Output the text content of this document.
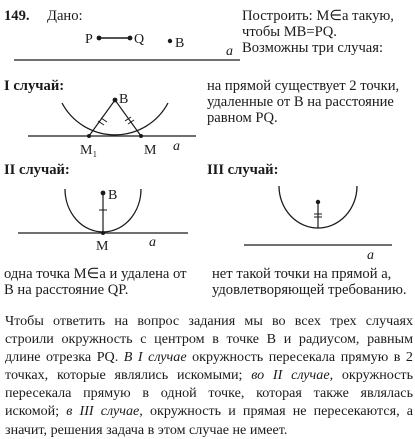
149. Дано:	Построить: M∈a такую,
чтобы MB=PQ.
Возможны три случая:
I случай:
II случай:	III случай:
на прямой существует 2 точки,
удаленные от B на расстояние
равном PQ.
одна точка M∈a и удалена от
B на расстояние QP.
нет такой точки на прямой a,
удовлетворяющей требованию.
P	Q B
a
B
M₁	M a
B
M	a
a
Чтобы ответить на вопрос задания мы во всех трех случаях строили окружность с центром в точке B и радиусом, равным длине отрезка PQ. В I случае окружность пересекала прямую в 2 точках, которые являлись искомыми; во II случае, окружность пересекала прямую в одной точке, которая также являлась искомой; в III случае, окружность и прямая не пересекаются, а значит, решения задача в этом случае не имеет.
